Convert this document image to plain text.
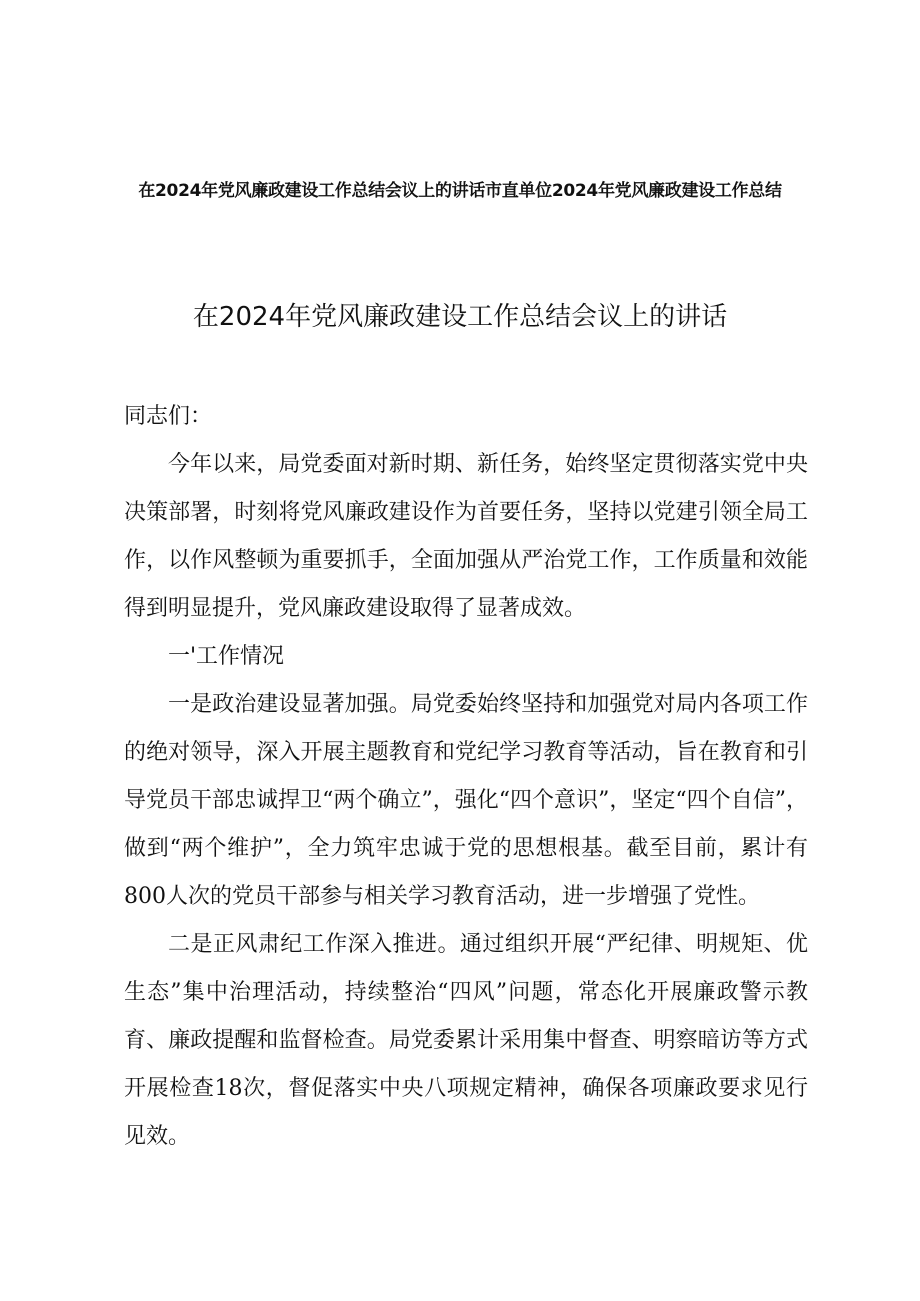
在2024年党风廉政建设工作总结会议上的讲话市直单位2024年党风廉政建设工作总结
在2024年党风廉政建设工作总结会议上的讲话

同志们：

今年以来，局党委面对新时期、新任务，始终坚定贯彻落实党中央决策部署，时刻将党风廉政建设作为首要任务，坚持以党建引领全局工作，以作风整顿为重要抓手，全面加强从严治党工作，工作质量和效能得到明显提升，党风廉政建设取得了显著成效。

一'工作情况

一是政治建设显著加强。局党委始终坚持和加强党对局内各项工作的绝对领导，深入开展主题教育和党纪学习教育等活动，旨在教育和引导党员干部忠诚捍卫“两个确立”，强化“四个意识”，坚定“四个自信”，做到“两个维护”，全力筑牢忠诚于党的思想根基。截至目前，累计有800人次的党员干部参与相关学习教育活动，进一步增强了党性。

二是正风肃纪工作深入推进。通过组织开展“严纪律、明规矩、优生态”集中治理活动，持续整治“四风”问题，常态化开展廉政警示教育、廉政提醒和监督检查。局党委累计采用集中督查、明察暗访等方式开展检查18次，督促落实中央八项规定精神，确保各项廉政要求见行见效。
